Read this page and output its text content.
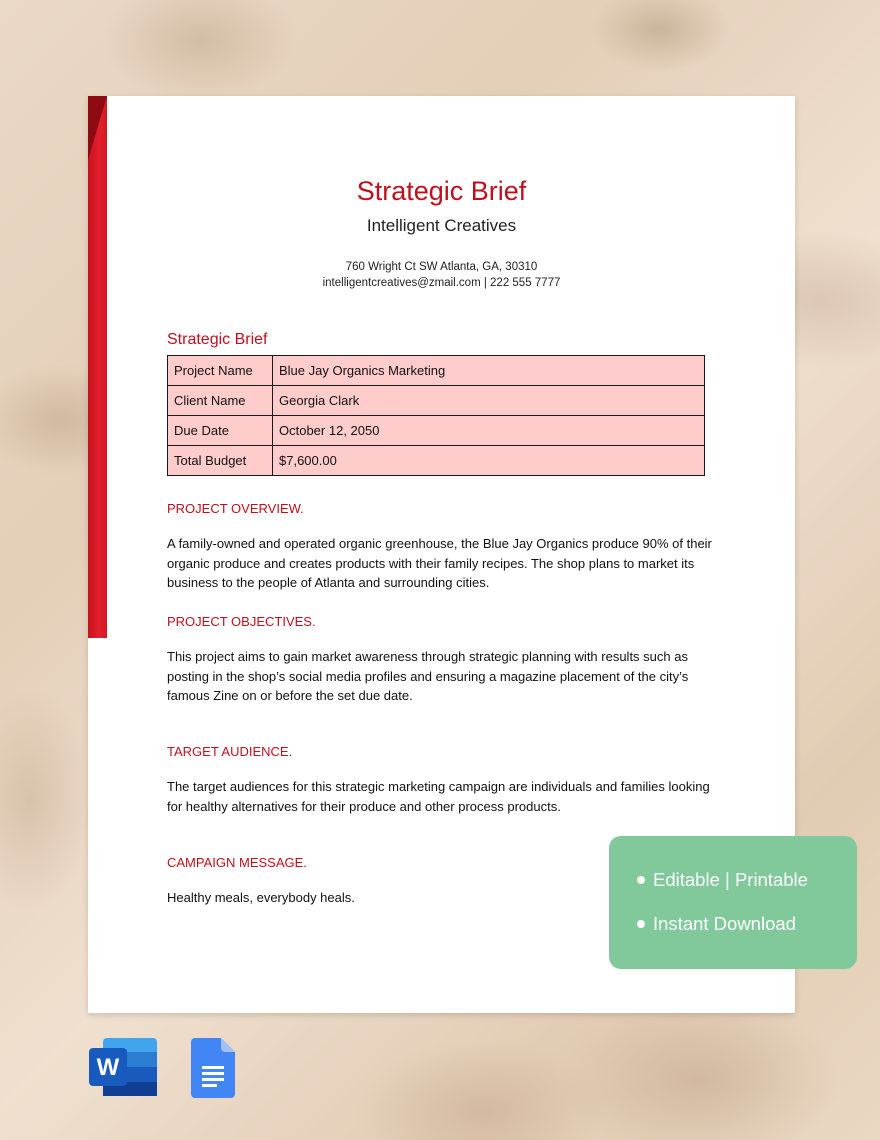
Strategic Brief
Intelligent Creatives
760 Wright Ct SW Atlanta, GA, 30310
intelligentcreatives@zmail.com | 222 555 7777
Strategic Brief
Project Name	Blue Jay Organics Marketing
Client Name	Georgia Clark
Due Date	October 12, 2050
Total Budget	$7,600.00
PROJECT OVERVIEW.
A family-owned and operated organic greenhouse, the Blue Jay Organics produce 90% of their organic produce and creates products with their family recipes. The shop plans to market its business to the people of Atlanta and surrounding cities.
PROJECT OBJECTIVES.
This project aims to gain market awareness through strategic planning with results such as posting in the shop’s social media profiles and ensuring a magazine placement of the city’s famous Zine on or before the set due date.
TARGET AUDIENCE.
The target audiences for this strategic marketing campaign are individuals and families looking for healthy alternatives for their produce and other process products.
CAMPAIGN MESSAGE.
Healthy meals, everybody heals.
Editable | Printable
Instant Download
W
